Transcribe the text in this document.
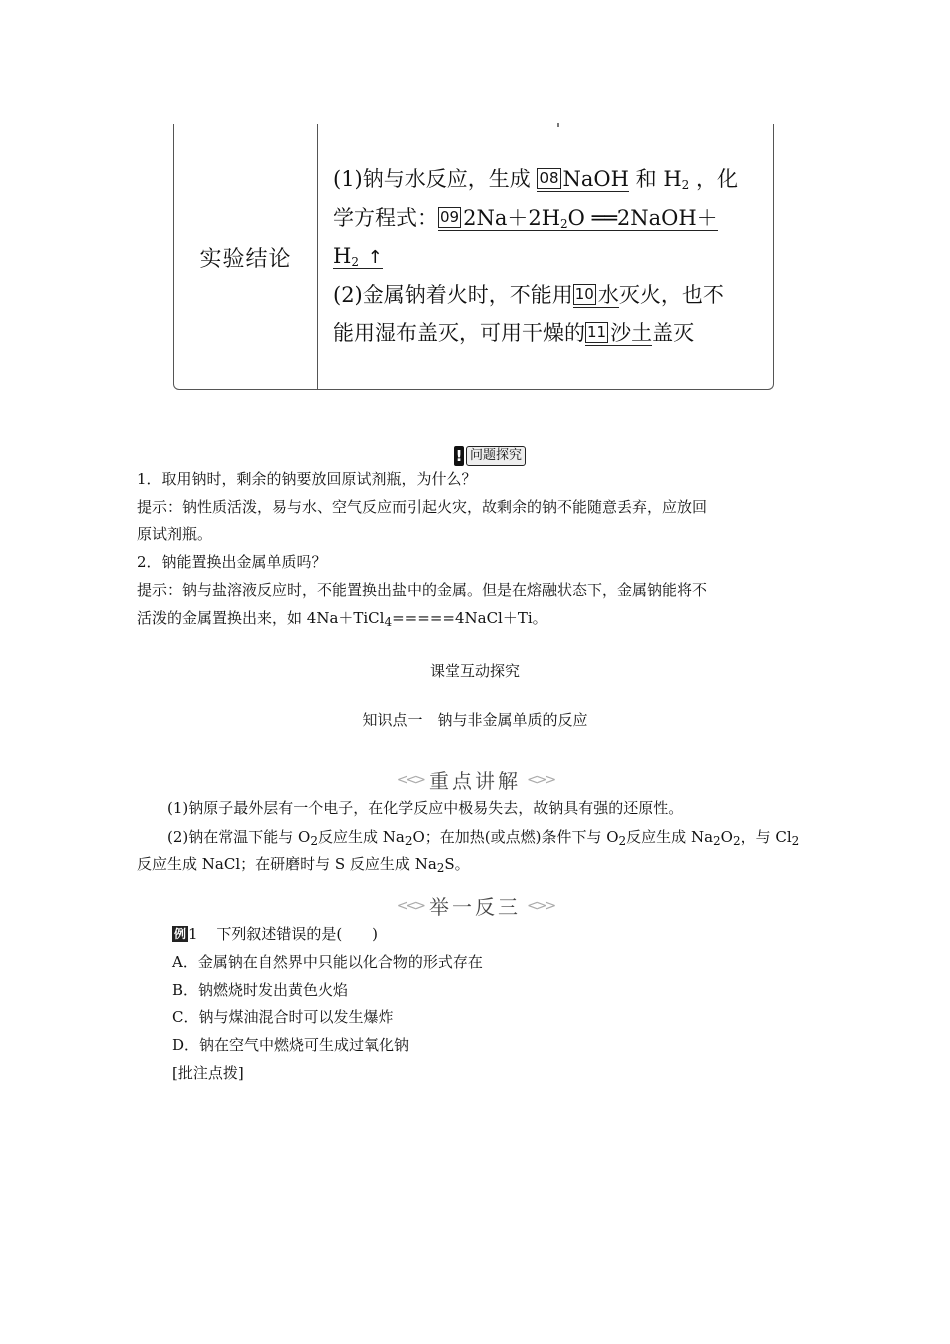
实验结论
(1)钠与水反应，生成 08 NaOH 和 $H_2$ ，化
学方程式： 09 $2Na+2H_2O$ ══2NaOH＋
$H_2$ ↑
(2)金属钠着火时，不能用 10 水灭火，也不
能用湿布盖灭，可用干燥的 11 沙土盖灭
! 问题探究
1．取用钠时，剩余的钠要放回原试剂瓶，为什么？
提示：钠性质活泼，易与水、空气反应而引起火灾，故剩余的钠不能随意丢弃，应放回
原试剂瓶。
2．钠能置换出金属单质吗？
提示：钠与盐溶液反应时，不能置换出盐中的金属。但是在熔融状态下，金属钠能将不
活泼的金属置换出来，如 4Na＋TiCl$_4$=====4NaCl＋Ti。
课堂互动探究
知识点一　钠与非金属单质的反应
<<> 重点讲解 <>>
(1)钠原子最外层有一个电子，在化学反应中极易失去，故钠具有强的还原性。
(2)钠在常温下能与 $O_2$反应生成 $Na_2O$；在加热(或点燃)条件下与 $O_2$反应生成 $Na_2O_2$，与 $Cl_2$
反应生成 NaCl；在研磨时与 S 反应生成 $Na_2S$。
<<> 举一反三 <>>
例 1 下列叙述错误的是(　　)
A．金属钠在自然界中只能以化合物的形式存在
B．钠燃烧时发出黄色火焰
C．钠与煤油混合时可以发生爆炸
D．钠在空气中燃烧可生成过氧化钠
[批注点拨]
